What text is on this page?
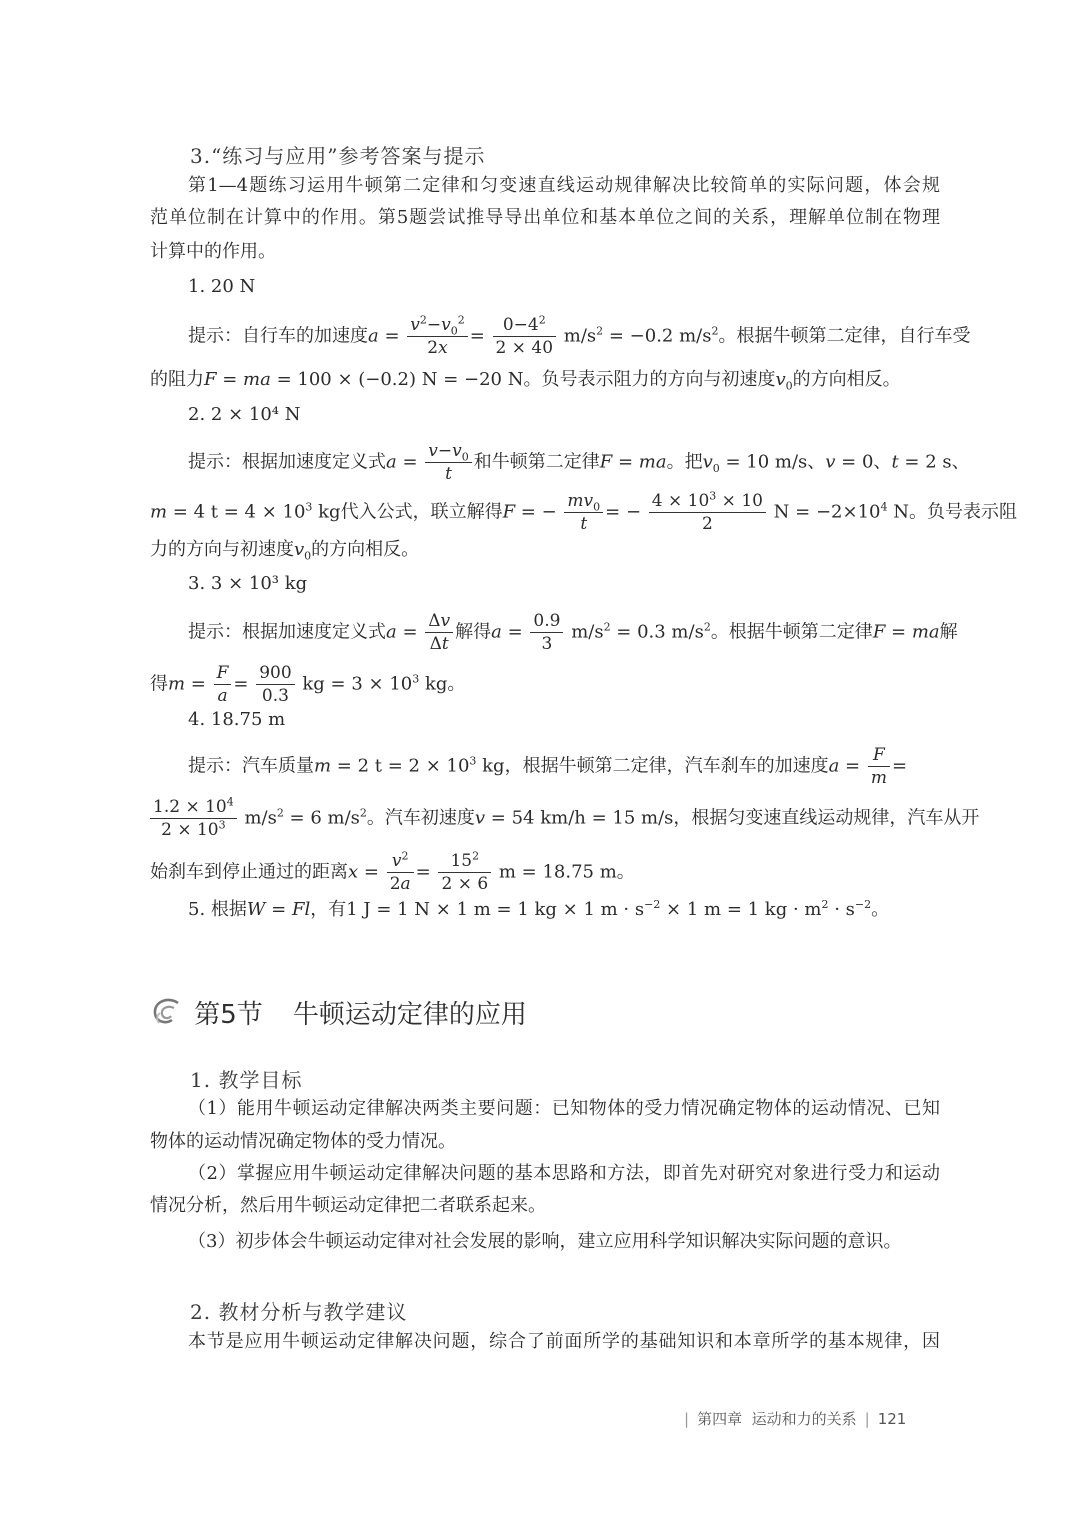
3.“练习与应用”参考答案与提示
第1—4题练习运用牛顿第二定律和匀变速直线运动规律解决比较简单的实际问题，体会规
范单位制在计算中的作用。第5题尝试推导导出单位和基本单位之间的关系，理解单位制在物理
计算中的作用。
1. 20 N
提示：自行车的加速度$a = \frac{v^2-v_0^2}{2x} = \frac{0-4^2}{2 \times 40} m/s^2 = -0.2$ $m/s^2$。根据牛顿第二定律，自行车受
的阻力F = ma = 100 × (−0.2) N = −20 N。负号表示阻力的方向与初速度$v_0$的方向相反。
2. 2 × 10⁴ N
提示：根据加速度定义式$a = \frac{v-v_0}{t}$ 和牛顿第二定律F = ma。把$v_0 = 10$ m/s、v = 0、t = 2 s、
m = 4 $t = 4 \times 10^3$ kg代入公式，联立解得F = − $\frac{mv_0}{t}$ = − $\frac{4 \times 10^3 \times 10}{2}$ $N = -2\times 10^4$ N。负号表示阻
力的方向与初速度$v_0$的方向相反。
3. 3 × 10³ kg
提示：根据加速度定义式$a = \frac{\Delta v}{\Delta t}$ 解得$a = \frac{0.9}{3} m/s^2 = 0.3$ $m/s^2$。根据牛顿第二定律F = ma解
得$m = \frac{F}{a} = \frac{900}{0.3}$ kg = $3 \times 10^3$ kg。
4. 18.75 m
提示：汽车质量m = 2 $t = 2 \times 10^3$ kg，根据牛顿第二定律，汽车刹车的加速度$a = \frac{F}{m}$ =
$\frac{1.2 \times 10^4}{2 \times 10^3} m/s^2 = 6$ $m/s^2$。汽车初速度v = 54 km/h = 15 m/s，根据匀变速直线运动规律，汽车从开
始刹车到停止通过的距离$x = \frac{v^2}{2a} = \frac{15^2}{2 \times 6}$ m = 18.75 m。
5. 根据W = Fl，有1 J = 1 N × 1 m = 1 kg × 1 $m \cdot s^{-2} \times 1$ m = 1 kg · $m^2 \cdot s^{-2}$。
第5节 牛顿运动定律的应用
1. 教学目标
（1）能用牛顿运动定律解决两类主要问题：已知物体的受力情况确定物体的运动情况、已知
物体的运动情况确定物体的受力情况。
（2）掌握应用牛顿运动定律解决问题的基本思路和方法，即首先对研究对象进行受力和运动
情况分析，然后用牛顿运动定律把二者联系起来。
（3）初步体会牛顿运动定律对社会发展的影响，建立应用科学知识解决实际问题的意识。
2. 教材分析与教学建议
本节是应用牛顿运动定律解决问题，综合了前面所学的基础知识和本章所学的基本规律，因
| 第四章 运动和力的关系 | 121
